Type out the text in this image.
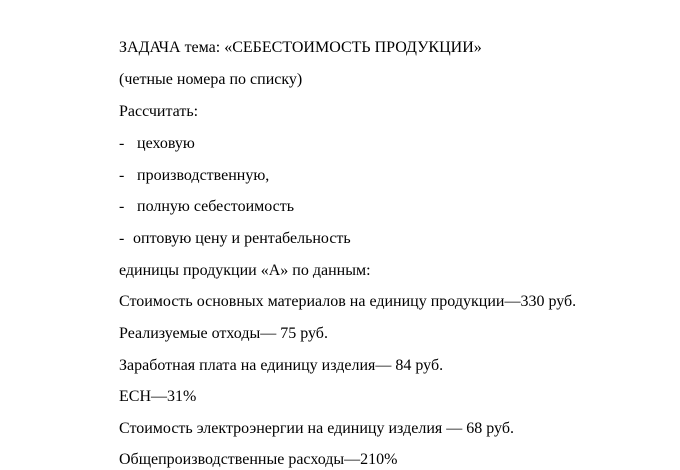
ЗАДАЧА тема: «СЕБЕСТОИМОСТЬ ПРОДУКЦИИ»
(четные номера по списку)
Рассчитать:
- цеховую
- производственную,
- полную себестоимость
- оптовую цену и рентабельность
единицы продукции «А» по данным:
Стоимость основных материалов на единицу продукции—330 руб.
Реализуемые отходы— 75 руб.
Заработная плата на единицу изделия— 84 руб.
ЕСН—31%
Стоимость электроэнергии на единицу изделия — 68 руб.
Общепроизводственные расходы—210%
